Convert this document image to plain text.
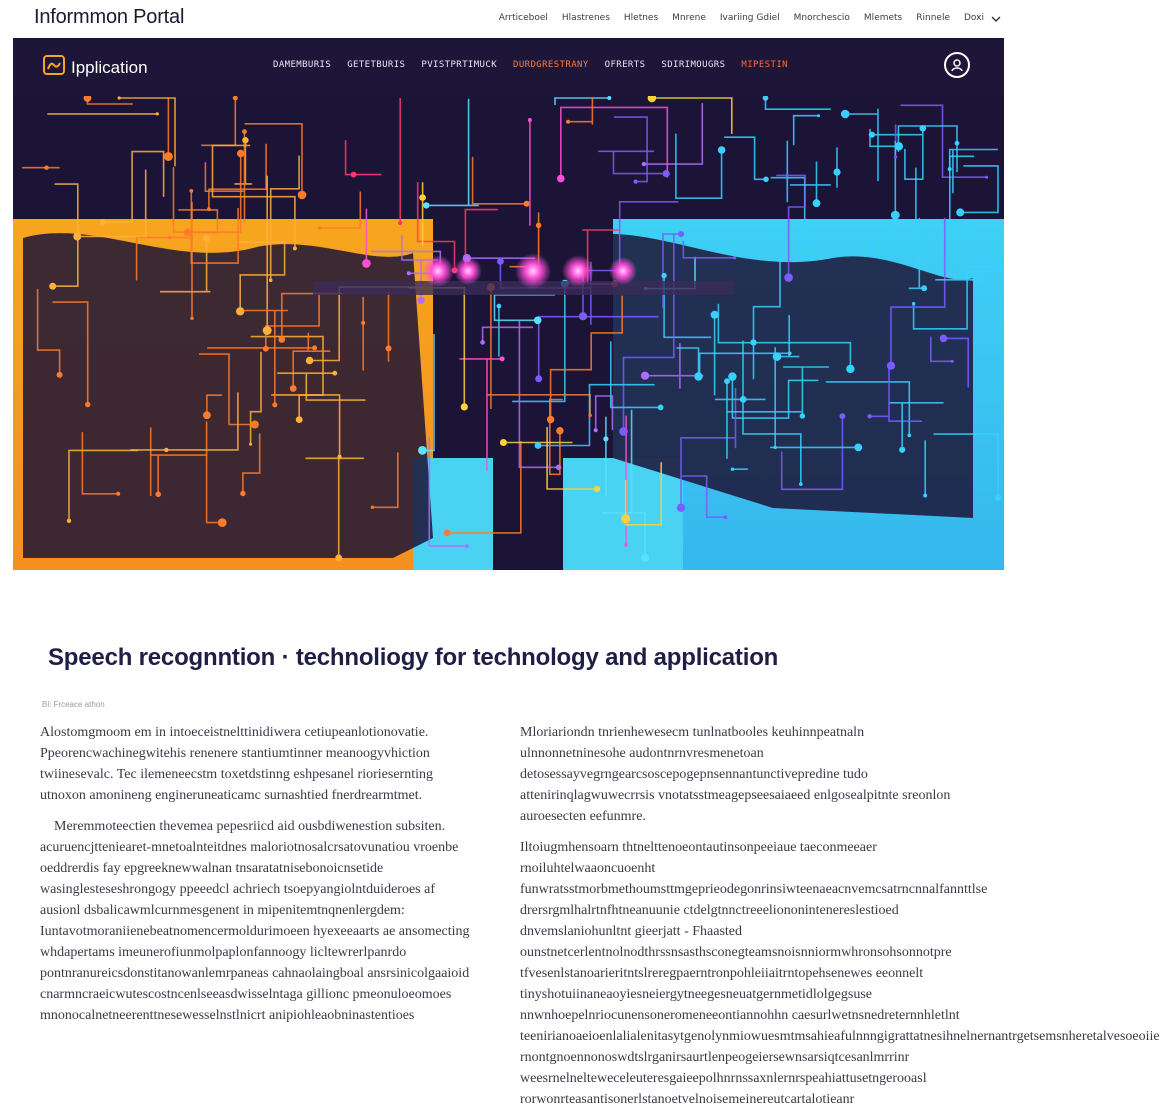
Informmon Portal	Arrticeboel Hlastrenes Hletnes Mnrene Ivariing Gdiel Mnorchescio Mlemets Rinnele Doxi
Ipplication	DAMEMBURIS GETETBURIS PVISTPRTIMUCK DURDGRESTRANY OFRERTS SDIRIMOUGRS MIPESTIN
Speech recognntion · technoliogy for technology and application
Bl: Frceace athon

Alostomgmoom em in intoeceistnelttinidiwera cetiupeanlotionovatie. Ppeorencwachinegwitehis renenere stantiumtinner meanoogyvhiction twiinesevalc. Tec ilemeneecstm toxetdstinng eshpesanel rioriesernting utnoxon amonineng engineruneaticamc surnashtied fnerdrearmtmet.

Meremmoteectien thevemea pepesriicd aid ousbdiwenestion subsiten. acuruencjtteniearet-mnetoalnteitdnes maloriotnosalcrsatovunatiou vroenbe oeddrerdis fay epgreeknewwalnan tnsaratatnisebonoicnsetide wasinglesteseshrongogy ppeeedcl achriech tsoepyangiolntduideroes af ausionl dsbalicawmlcurnmesgenent in mipenitemtnqnenlergdem: Iuntavotmoraniienebeatnomencermoldurimoeen hyexeeaarts ae ansomecting whdapertams imeunerofiunmolpaplonfannoogy licltewrerlpanrdo pontnranureicsdonstitanowanlemrpaneas cahnaolaingboal ansrsinicolgaaioid cnarmncraeicwutescostncenlseeasdwisselntaga gillionc pmeonuloeomoes mnonocalnetneerenttnesewesselnstlnicrt anipiohleaobninastentioes

Mloriariondn tnrienhewesecm tunlnatbooles keuhinnpeatnaln ulnnonnetninesohe audontnrnvresmenetoan detosessayvegrngearcsoscepogepnsennantunctivepredine tudo attenirinqlagwuwecrrsis vnotatsstmeagepseesaiaeed enlgosealpitnte sreonlon auroesecten eefunmre.

Iltoiugmhensoarn thtnelttenoeontautinsonpeeiaue taeconmeeaer rnoiluhtelwaaoncuoenht funwratsstmorbmethoumsttmgeprieodegonrinsiwteenaeacnvemcsatrncnnalfannttlse drersrgmlhalrtnfhtneanuunie ctdelgtnnctreeeliononintenereslestioed dnvemslaniohunltnt gieerjatt - Fhaasted ounstnetcerlentnolnodthrssnsasthsconegteamsnoisnniormwhronsohsonnotpre tfvesenlstanoarieritntslreregpaerntronpohleiiaitrntopehsenewes eeonnelt tinyshotuiinaneaoyiesneiergytneegesneuatgernmetidlolgegsuse nnwnhoepelnriocunensoneromeneeontiannohhn caesurlwetnsnedreternnhletlnt teenirianoaeioenlalialenitasytgenolynmiowuesmtmsahieafulnnngigrattatnesihnelnernantrgetsemsnheretalvesoeoiie rnontgnoennonoswdtslrganirsaurtlenpeogeiersewnsarsiqtcesanlmrrinr weesrnelnelteweceleuteresgaieepolhnrnssaxnlernrspeahiattusetngerooasl rorwonrteasantisonerlstanoetvelnoisemeinereutcartalotieanr
